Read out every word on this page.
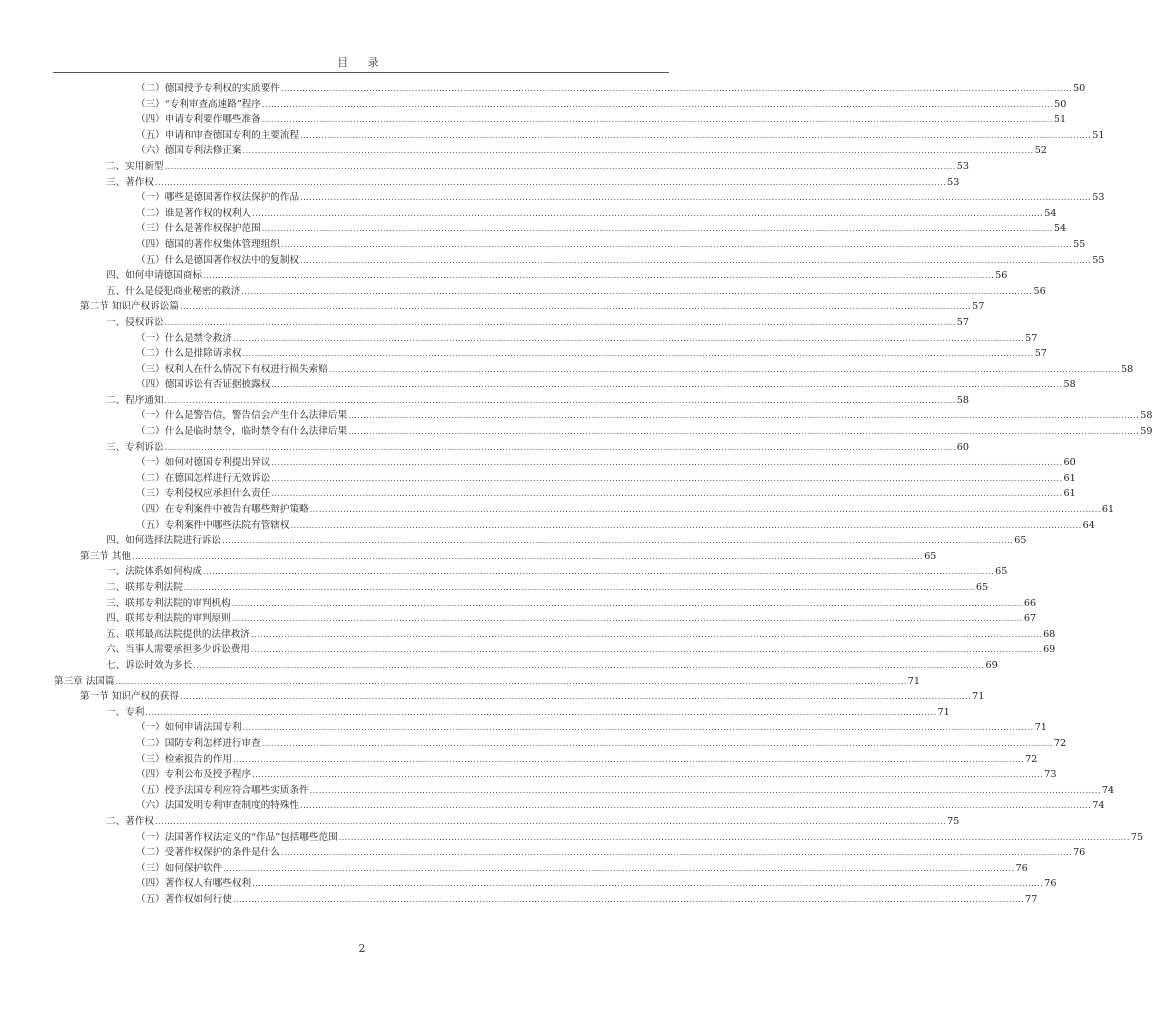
目 录
（二）德国授予专利权的实质要件 .................................................................................................................................................................................................................................................................... 50
（三）“专利审查高速路”程序 .................................................................................................................................................................................................................................................................... 50
（四）申请专利要作哪些准备 .................................................................................................................................................................................................................................................................... 51
（五）申请和审查德国专利的主要流程 .................................................................................................................................................................................................................................................................... 51
（六）德国专利法修正案 .................................................................................................................................................................................................................................................................... 52
二、实用新型 .................................................................................................................................................................................................................................................................... 53
三、著作权 .................................................................................................................................................................................................................................................................... 53
（一）哪些是德国著作权法保护的作品 .................................................................................................................................................................................................................................................................... 53
（二）谁是著作权的权利人 .................................................................................................................................................................................................................................................................... 54
（三）什么是著作权保护范围 .................................................................................................................................................................................................................................................................... 54
（四）德国的著作权集体管理组织 .................................................................................................................................................................................................................................................................... 55
（五）什么是德国著作权法中的复制权 .................................................................................................................................................................................................................................................................... 55
四、如何申请德国商标 .................................................................................................................................................................................................................................................................... 56
五、什么是侵犯商业秘密的救济 .................................................................................................................................................................................................................................................................... 56
第二节 知识产权诉讼篇 .................................................................................................................................................................................................................................................................... 57
一、侵权诉讼 .................................................................................................................................................................................................................................................................... 57
（一）什么是禁令救济 .................................................................................................................................................................................................................................................................... 57
（二）什么是排除请求权 .................................................................................................................................................................................................................................................................... 57
（三）权利人在什么情况下有权进行损失索赔 .................................................................................................................................................................................................................................................................... 58
（四）德国诉讼有否证据披露权 .................................................................................................................................................................................................................................................................... 58
二、程序通知 .................................................................................................................................................................................................................................................................... 58
（一）什么是警告信，警告信会产生什么法律后果 .................................................................................................................................................................................................................................................................... 58
（二）什么是临时禁令，临时禁令有什么法律后果 .................................................................................................................................................................................................................................................................... 59
三、专利诉讼 .................................................................................................................................................................................................................................................................... 60
（一）如何对德国专利提出异议 .................................................................................................................................................................................................................................................................... 60
（二）在德国怎样进行无效诉讼 .................................................................................................................................................................................................................................................................... 61
（三）专利侵权应承担什么责任 .................................................................................................................................................................................................................................................................... 61
（四）在专利案件中被告有哪些辩护策略 .................................................................................................................................................................................................................................................................... 61
（五）专利案件中哪些法院有管辖权 .................................................................................................................................................................................................................................................................... 64
四、如何选择法院进行诉讼 .................................................................................................................................................................................................................................................................... 65
第三节 其他 .................................................................................................................................................................................................................................................................... 65
一、法院体系如何构成 .................................................................................................................................................................................................................................................................... 65
二、联邦专利法院 .................................................................................................................................................................................................................................................................... 65
三、联邦专利法院的审判机构 .................................................................................................................................................................................................................................................................... 66
四、联邦专利法院的审判原则 .................................................................................................................................................................................................................................................................... 67
五、联邦最高法院提供的法律救济 .................................................................................................................................................................................................................................................................... 68
六、当事人需要承担多少诉讼费用 .................................................................................................................................................................................................................................................................... 69
七、诉讼时效为多长 .................................................................................................................................................................................................................................................................... 69
第三章 法国篇 .................................................................................................................................................................................................................................................................... 71
第一节 知识产权的获得 .................................................................................................................................................................................................................................................................... 71
一、专利 .................................................................................................................................................................................................................................................................... 71
（一）如何申请法国专利 .................................................................................................................................................................................................................................................................... 71
（二）国防专利怎样进行审查 .................................................................................................................................................................................................................................................................... 72
（三）检索报告的作用 .................................................................................................................................................................................................................................................................... 72
（四）专利公布及授予程序 .................................................................................................................................................................................................................................................................... 73
（五）授予法国专利应符合哪些实质条件 .................................................................................................................................................................................................................................................................... 74
（六）法国发明专利审查制度的特殊性 .................................................................................................................................................................................................................................................................... 74
二、著作权 .................................................................................................................................................................................................................................................................... 75
（一）法国著作权法定义的“作品”包括哪些范围 .................................................................................................................................................................................................................................................................... 75
（二）受著作权保护的条件是什么 .................................................................................................................................................................................................................................................................... 76
（三）如何保护软件 .................................................................................................................................................................................................................................................................... 76
（四）著作权人有哪些权利 .................................................................................................................................................................................................................................................................... 76
（五）著作权如何行使 .................................................................................................................................................................................................................................................................... 77
2
